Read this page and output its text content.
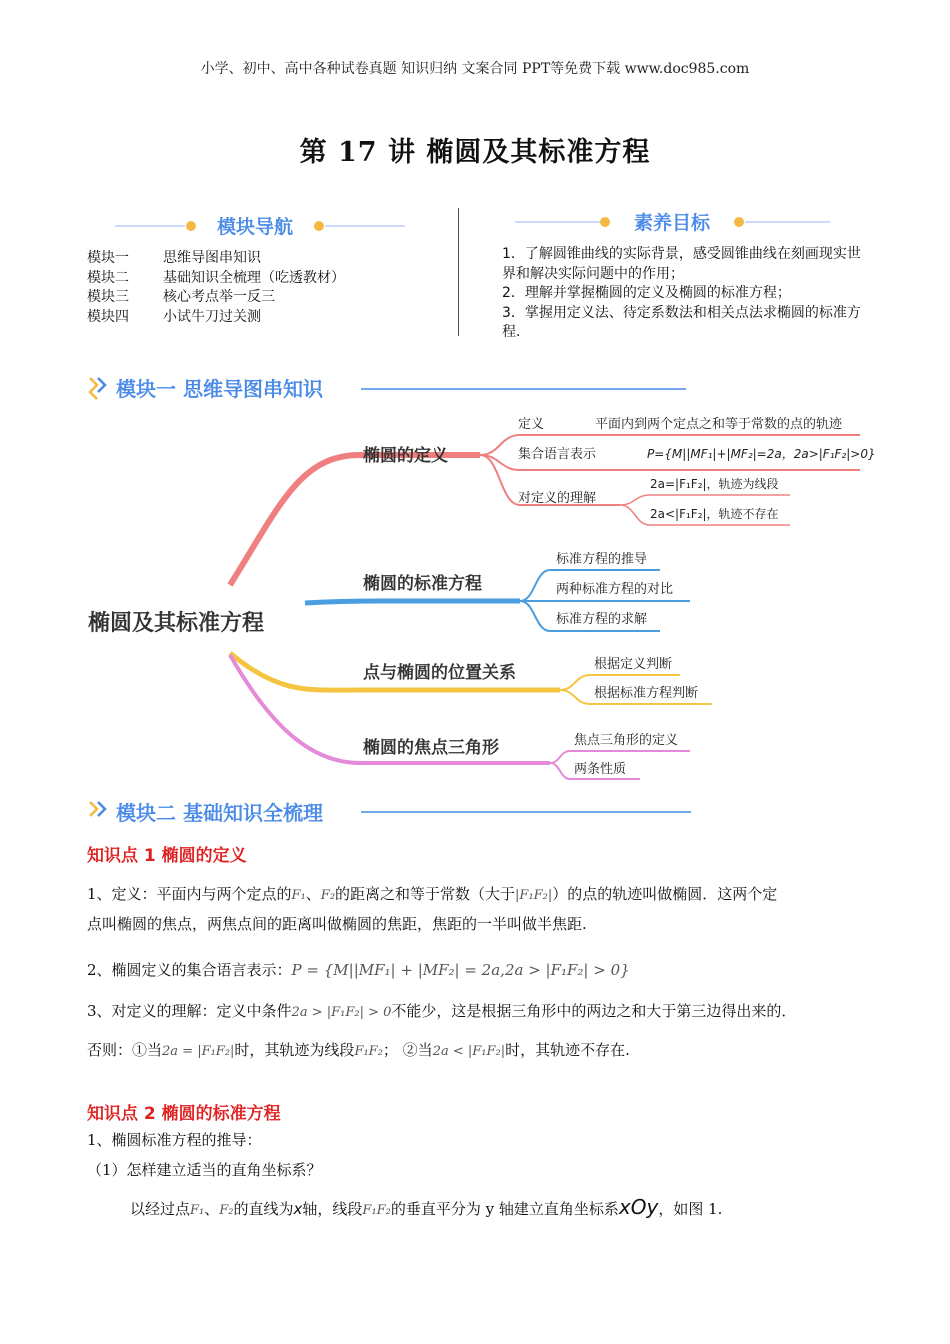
小学、初中、高中各种试卷真题 知识归纳 文案合同 PPT等免费下载 www.doc985.com
第 17 讲 椭圆及其标准方程
模块导航
模块一 思维导图串知识
模块二 基础知识全梳理（吃透教材）
模块三 核心考点举一反三
模块四 小试牛刀过关测
素养目标
1．了解圆锥曲线的实际背景，感受圆锥曲线在刻画现实世界和解决实际问题中的作用；
2．理解并掌握椭圆的定义及椭圆的标准方程；
3．掌握用定义法、待定系数法和相关点法求椭圆的标准方程.
模块一 思维导图串知识
椭圆及其标准方程
椭圆的定义
椭圆的标准方程
点与椭圆的位置关系
椭圆的焦点三角形
定义	平面内到两个定点之和等于常数的点的轨迹
集合语言表示	P={M||MF₁|+|MF₂|=2a，2a>|F₁F₂|>0}
对定义的理解
2a=|F₁F₂|，轨迹为线段
2a<|F₁F₂|，轨迹不存在
标准方程的推导
两种标准方程的对比
标准方程的求解
根据定义判断
根据标准方程判断
焦点三角形的定义
两条性质
模块二 基础知识全梳理
知识点 1 椭圆的定义
1、定义：平面内与两个定点的F₁、F₂的距离之和等于常数（大于|F₁F₂|）的点的轨迹叫做椭圆．这两个定
点叫椭圆的焦点，两焦点间的距离叫做椭圆的焦距，焦距的一半叫做半焦距.
2、椭圆定义的集合语言表示：P = {M||MF₁| + |MF₂| = 2a,2a > |F₁F₂| > 0}
3、对定义的理解：定义中条件2a > |F₁F₂| > 0不能少，这是根据三角形中的两边之和大于第三边得出来的．
否则：①当2a = |F₁F₂|时，其轨迹为线段F₁F₂； ②当2a < |F₁F₂|时，其轨迹不存在.
知识点 2 椭圆的标准方程
1、椭圆标准方程的推导：
（1）怎样建立适当的直角坐标系？
以经过点F₁、F₂的直线为x轴，线段F₁F₂的垂直平分为 y 轴建立直角坐标系xOy，如图 1.
